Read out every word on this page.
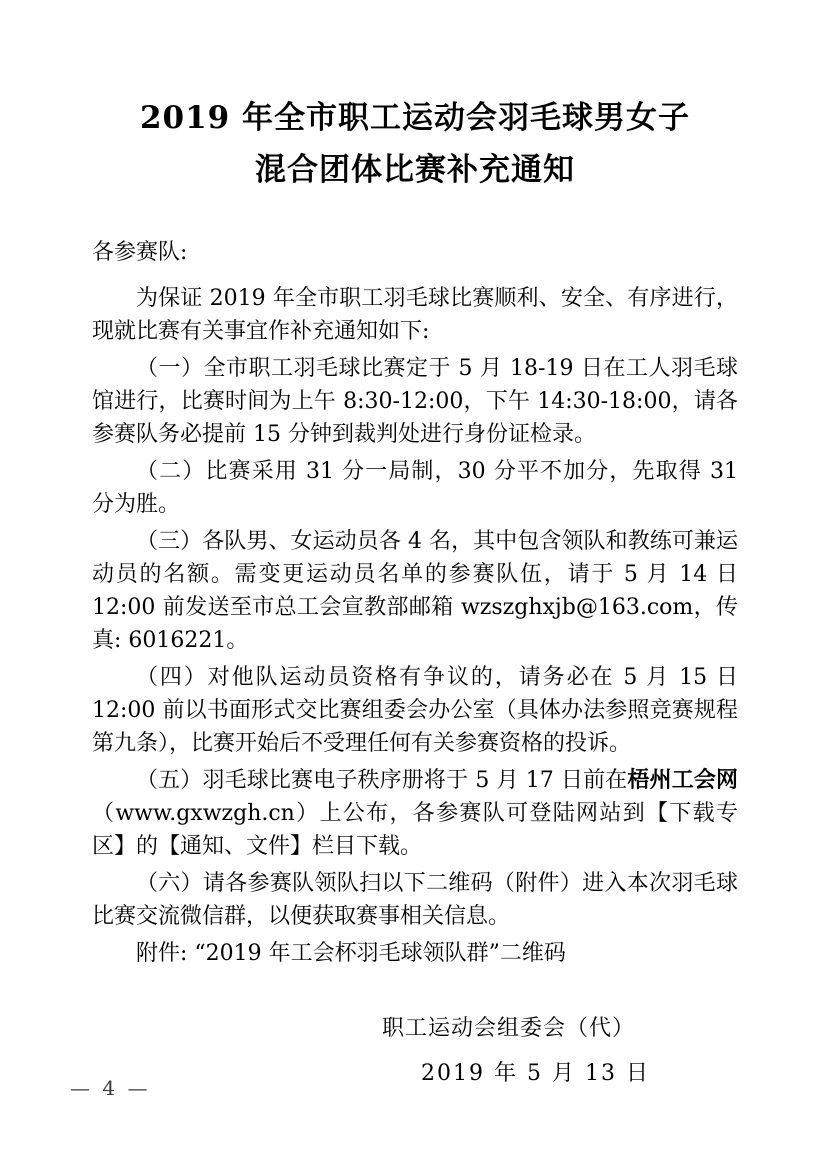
2019 年全市职工运动会羽毛球男女子
混合团体比赛补充通知
各参赛队:

为保证 2019 年全市职工羽毛球比赛顺利、安全、有序进行，现就比赛有关事宜作补充通知如下:

（一）全市职工羽毛球比赛定于 5 月 18-19 日在工人羽毛球馆进行，比赛时间为上午 8:30-12:00，下午 14:30-18:00，请各参赛队务必提前 15 分钟到裁判处进行身份证检录。

（二）比赛采用 31 分一局制，30 分平不加分，先取得 31 分为胜。

（三）各队男、女运动员各 4 名，其中包含领队和教练可兼运动员的名额。需变更运动员名单的参赛队伍，请于 5 月 14 日 12:00 前发送至市总工会宣教部邮箱 wzszghxjb@163.com，传真: 6016221。

（四）对他队运动员资格有争议的，请务必在 5 月 15 日 12:00 前以书面形式交比赛组委会办公室（具体办法参照竞赛规程第九条），比赛开始后不受理任何有关参赛资格的投诉。

（五）羽毛球比赛电子秩序册将于 5 月 17 日前在梧州工会网（www.gxwzgh.cn）上公布，各参赛队可登陆网站到【下载专区】的【通知、文件】栏目下载。

（六）请各参赛队领队扫以下二维码（附件）进入本次羽毛球比赛交流微信群，以便获取赛事相关信息。

附件: “2019 年工会杯羽毛球领队群”二维码

职工运动会组委会（代）
2019 年 5 月 13 日
— 4 —
